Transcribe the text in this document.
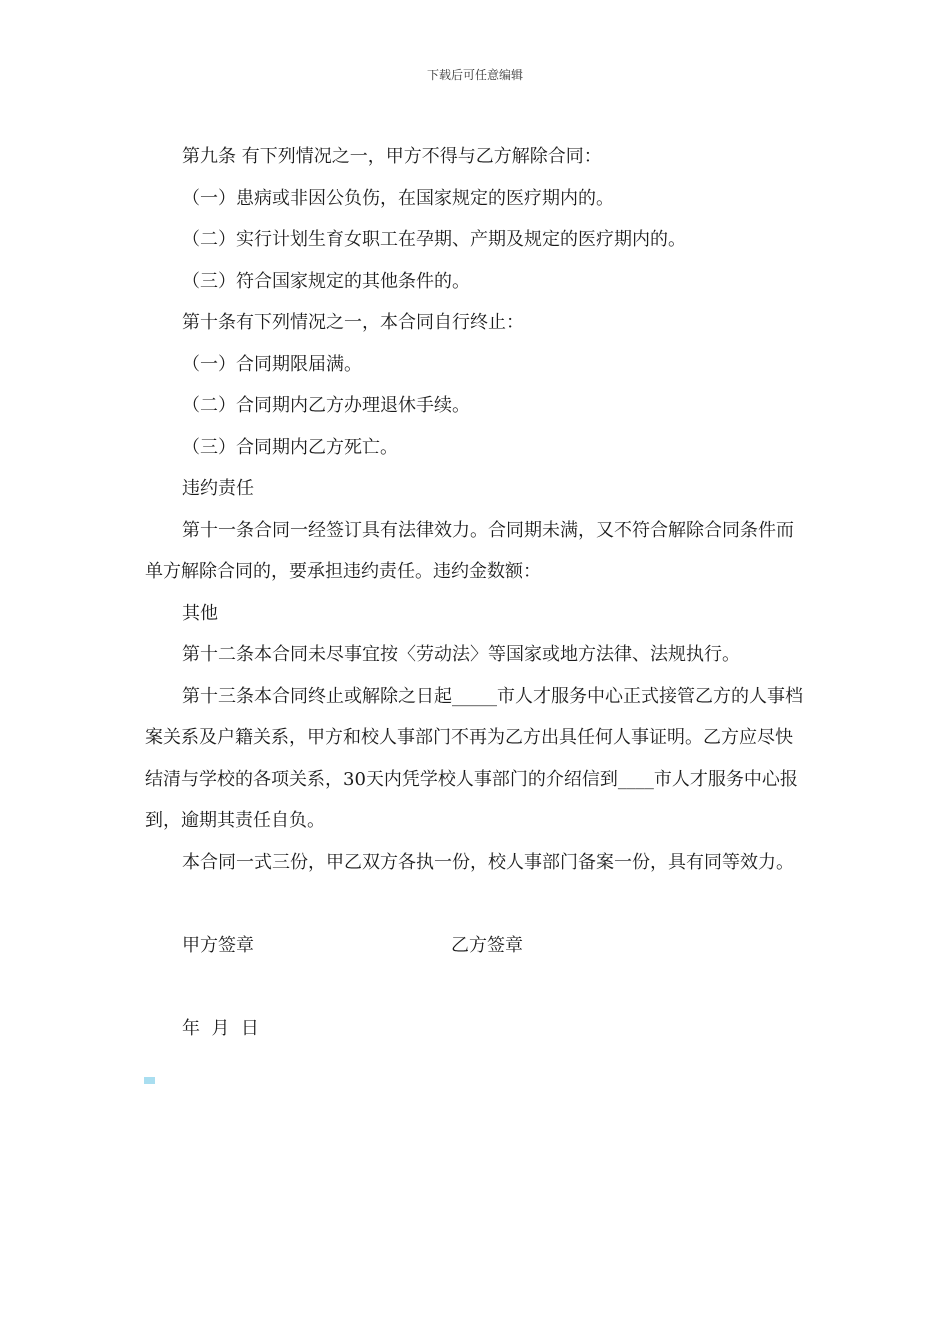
下载后可任意编辑

第九条 有下列情况之一，甲方不得与乙方解除合同：

（一）患病或非因公负伤，在国家规定的医疗期内的。

（二）实行计划生育女职工在孕期、产期及规定的医疗期内的。

（三）符合国家规定的其他条件的。

第十条有下列情况之一，本合同自行终止：

（一）合同期限届满。

（二）合同期内乙方办理退休手续。

（三）合同期内乙方死亡。

违约责任

第十一条合同一经签订具有法律效力。合同期未满，又不符合解除合同条件而单方解除合同的，要承担违约责任。违约金数额：

其他

第十二条本合同未尽事宜按〈劳动法〉等国家或地方法律、法规执行。

第十三条本合同终止或解除之日起_____市人才服务中心正式接管乙方的人事档案关系及户籍关系，甲方和校人事部门不再为乙方出具任何人事证明。乙方应尽快结清与学校的各项关系，30天内凭学校人事部门的介绍信到____市人才服务中心报到，逾期其责任自负。

本合同一式三份，甲乙双方各执一份，校人事部门备案一份，具有同等效力。

甲方签章	乙方签章
年  月  日
